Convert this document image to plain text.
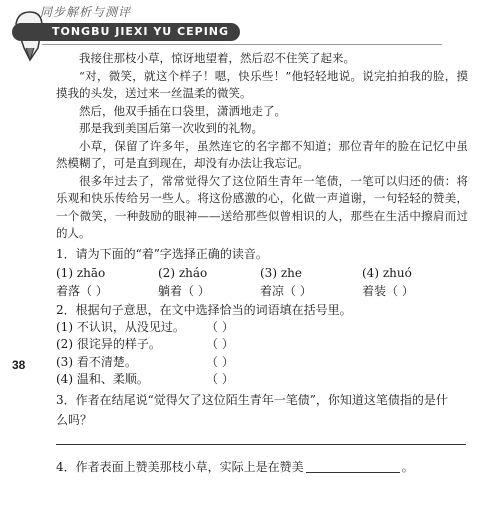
同步解析与测评
TONGBU JIEXI YU CEPING
38

我接住那枝小草，惊讶地望着，然后忍不住笑了起来。

“对，微笑，就这个样子！嗯，快乐些！”他轻轻地说。说完拍拍我的脸，摸摸我的头发，送过来一丝温柔的微笑。

然后，他双手插在口袋里，潇洒地走了。

那是我到美国后第一次收到的礼物。

小草，保留了许多年，虽然连它的名字都不知道；那位青年的脸在记忆中虽然模糊了，可是直到现在，却没有办法让我忘记。

很多年过去了，常常觉得欠了这位陌生青年一笔债，一笔可以归还的债：将乐观和快乐传给另一些人。将这份感激的心，化做一声道谢，一句轻轻的赞美，一个微笑，一种鼓励的眼神——送给那些似曾相识的人，那些在生活中擦肩而过的人。

1．请为下面的“着”字选择正确的读音。
(1) zhāo	(2) zháo	(3) zhe	(4) zhuó
着落（ ）	躺着（ ）	着凉（ ）	着装（ ）
2．根据句子意思，在文中选择恰当的词语填在括号里。
(1) 不认识，从没见过。 （ ）
(2) 很诧异的样子。	（ ）
(3) 看不清楚。	（ ）
(4) 温和、柔顺。	（ ）
3．作者在结尾说“觉得欠了这位陌生青年一笔债”，你知道这笔债指的是什
么吗？
4．作者表面上赞美那枝小草，实际上是在赞美	。
